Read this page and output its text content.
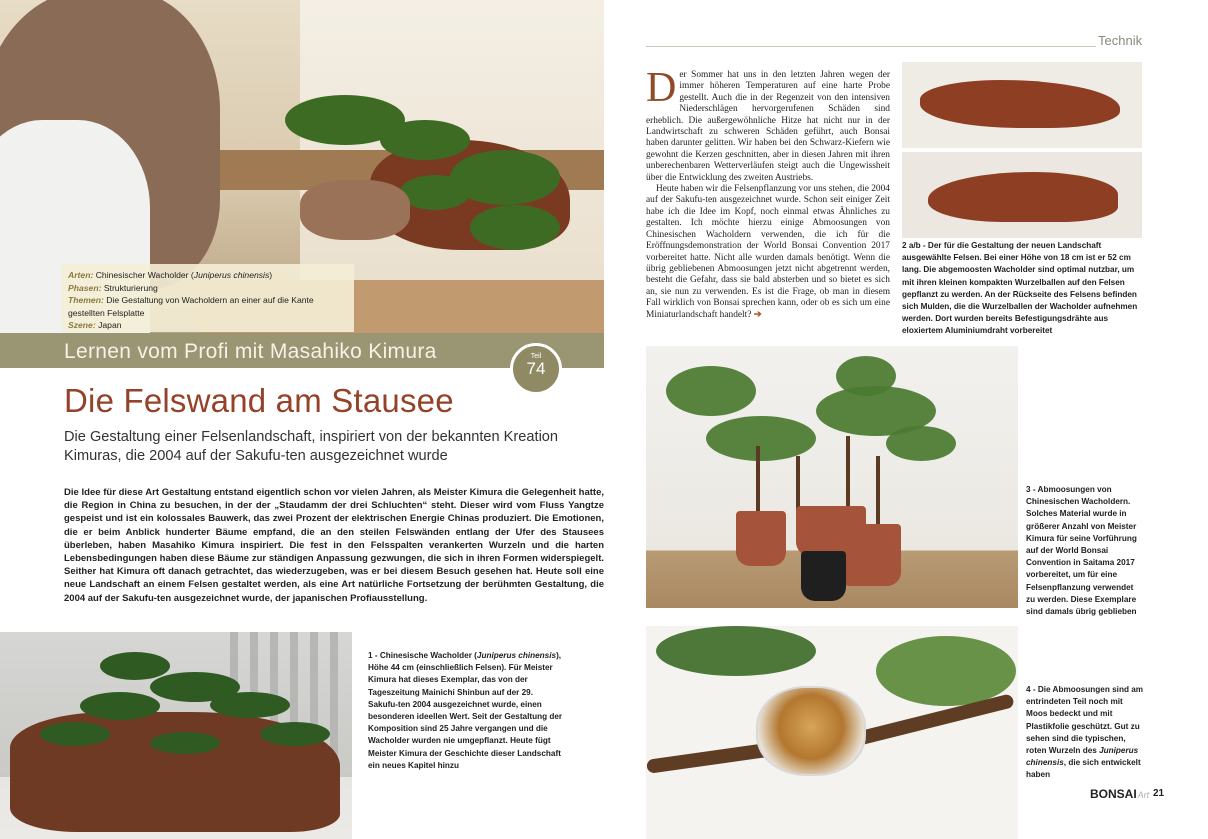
Arten: Chinesischer Wacholder (Juniperus chinensis)
Phasen: Strukturierung
Themen: Die Gestaltung von Wacholdern an einer auf die Kante
gestellten Felsplatte
Szene: Japan
Lernen vom Profi mit Masahiko Kimura	Teil
74
Die Felswand am Stausee
Die Gestaltung einer Felsenlandschaft, inspiriert von der bekannten Kreation Kimuras, die 2004 auf der Sakufu-ten ausgezeichnet wurde
Die Idee für diese Art Gestaltung entstand eigentlich schon vor vielen Jahren, als Meister Kimura die Gelegenheit hatte, die Region in China zu besuchen, in der der „Staudamm der drei Schluchten“ steht. Dieser wird vom Fluss Yangtze gespeist und ist ein kolossales Bauwerk, das zwei Prozent der elektrischen Energie Chinas produziert. Die Emotionen, die er beim Anblick hunderter Bäume empfand, die an den steilen Felswänden entlang der Ufer des Stausees überleben, haben Masahiko Kimura inspiriert. Die fest in den Felsspalten verankerten Wurzeln und die harten Lebensbedingungen haben diese Bäume zur ständigen Anpassung gezwungen, die sich in ihren Formen widerspiegelt. Seither hat Kimura oft danach getrachtet, das wiederzugeben, was er bei diesem Besuch gesehen hat. Heute soll eine neue Landschaft an einem Felsen gestaltet werden, als eine Art natürliche Fortsetzung der berühmten Gestaltung, die 2004 auf der Sakufu-ten ausgezeichnet wurde, der japanischen Profiausstellung.
1 - Chinesische Wacholder (Juniperus chinensis), Höhe 44 cm (einschließlich Felsen). Für Meister Kimura hat dieses Exemplar, das von der Tageszeitung Mainichi Shinbun auf der 29. Sakufu-ten 2004 ausgezeichnet wurde, einen besonderen ideellen Wert. Seit der Gestaltung der Komposition sind 25 Jahre vergangen und die Wacholder wurden nie umgepflanzt. Heute fügt Meister Kimura der Geschichte dieser Landschaft ein neues Kapitel hinzu
Technik
D er Sommer hat uns in den letzten Jahren wegen der immer höheren Temperaturen auf eine harte Probe gestellt. Auch die in der Regenzeit von den intensiven Niederschlägen hervorgerufenen Schäden sind erheblich. Die außergewöhnliche Hitze hat nicht nur in der Landwirtschaft zu schweren Schäden geführt, auch Bonsai haben darunter gelitten. Wir haben bei den Schwarz-Kiefern wie gewohnt die Kerzen geschnitten, aber in diesen Jahren mit ihren unberechenbaren Wetterverläufen steigt auch die Ungewissheit über die Entwicklung des zweiten Austriebs.

Heute haben wir die Felsenpflanzung vor uns stehen, die 2004 auf der Sakufu-ten ausgezeichnet wurde. Schon seit einiger Zeit habe ich die Idee im Kopf, noch einmal etwas Ähnliches zu gestalten. Ich möchte hierzu einige Abmoosungen von Chinesischen Wacholdern verwenden, die ich für die Eröffnungsdemonstration der World Bonsai Convention 2017 vorbereitet hatte. Nicht alle wurden damals benötigt. Wenn die übrig gebliebenen Abmoosungen jetzt nicht abgetrennt werden, besteht die Gefahr, dass sie bald absterben und so bietet es sich an, sie nun zu verwenden. Es ist die Frage, ob man in diesem Fall wirklich von Bonsai sprechen kann, oder ob es sich um eine Miniaturlandschaft handelt? ➔

2 a/b - Der für die Gestaltung der neuen Landschaft ausgewählte Felsen. Bei einer Höhe von 18 cm ist er 52 cm lang. Die abgemoosten Wacholder sind optimal nutzbar, um mit ihren kleinen kompakten Wurzelballen auf den Felsen gepflanzt zu werden. An der Rückseite des Felsens befinden sich Mulden, die die Wurzelballen der Wacholder aufnehmen werden. Dort wurden bereits Befestigungsdrähte aus eloxiertem Aluminiumdraht vorbereitet
3 - Abmoosungen von Chinesischen Wacholdern. Solches Material wurde in größerer Anzahl von Meister Kimura für seine Vorführung auf der World Bonsai Convention in Saitama 2017 vorbereitet, um für eine Felsenpflanzung verwendet zu werden. Diese Exemplare sind damals übrig geblieben
4 - Die Abmoosungen sind am entrindeten Teil noch mit Moos bedeckt und mit Plastikfolie geschützt. Gut zu sehen sind die typischen, roten Wurzeln des Juniperus chinensis, die sich entwickelt haben
BONSAIArt 21
